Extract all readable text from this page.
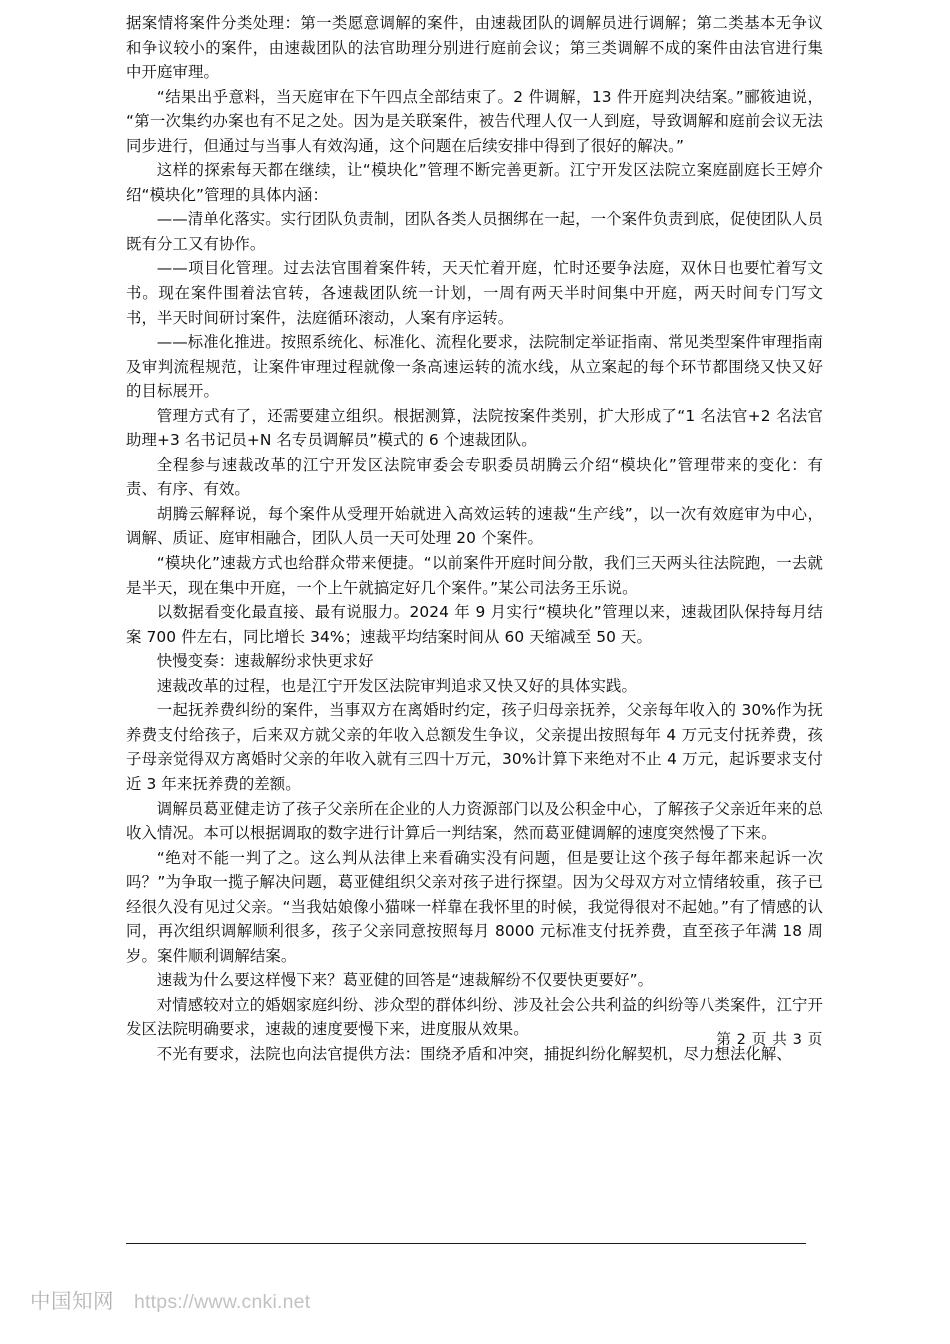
据案情将案件分类处理：第一类愿意调解的案件，由速裁团队的调解员进行调解；第二类基本无争议和争议较小的案件，由速裁团队的法官助理分别进行庭前会议；第三类调解不成的案件由法官进行集中开庭审理。

“结果出乎意料，当天庭审在下午四点全部结束了。2 件调解，13 件开庭判决结案。”郦筱迪说，“第一次集约办案也有不足之处。因为是关联案件，被告代理人仅一人到庭，导致调解和庭前会议无法同步进行，但通过与当事人有效沟通，这个问题在后续安排中得到了很好的解决。”

这样的探索每天都在继续，让“模块化”管理不断完善更新。江宁开发区法院立案庭副庭长王婷介绍“模块化”管理的具体内涵：

——清单化落实。实行团队负责制，团队各类人员捆绑在一起，一个案件负责到底，促使团队人员既有分工又有协作。

——项目化管理。过去法官围着案件转，天天忙着开庭，忙时还要争法庭，双休日也要忙着写文书。现在案件围着法官转，各速裁团队统一计划，一周有两天半时间集中开庭，两天时间专门写文书，半天时间研讨案件，法庭循环滚动，人案有序运转。

——标准化推进。按照系统化、标准化、流程化要求，法院制定举证指南、常见类型案件审理指南及审判流程规范，让案件审理过程就像一条高速运转的流水线，从立案起的每个环节都围绕又快又好的目标展开。

管理方式有了，还需要建立组织。根据测算，法院按案件类别，扩大形成了“1 名法官+2 名法官助理+3 名书记员+N 名专员调解员”模式的 6 个速裁团队。

全程参与速裁改革的江宁开发区法院审委会专职委员胡腾云介绍“模块化”管理带来的变化：有责、有序、有效。

胡腾云解释说，每个案件从受理开始就进入高效运转的速裁“生产线”，以一次有效庭审为中心，调解、质证、庭审相融合，团队人员一天可处理 20 个案件。

“模块化”速裁方式也给群众带来便捷。“以前案件开庭时间分散，我们三天两头往法院跑，一去就是半天，现在集中开庭，一个上午就搞定好几个案件。”某公司法务王乐说。

以数据看变化最直接、最有说服力。2024 年 9 月实行“模块化”管理以来，速裁团队保持每月结案 700 件左右，同比增长 34%；速裁平均结案时间从 60 天缩减至 50 天。

快慢变奏：速裁解纷求快更求好

速裁改革的过程，也是江宁开发区法院审判追求又快又好的具体实践。

一起抚养费纠纷的案件，当事双方在离婚时约定，孩子归母亲抚养，父亲每年收入的 30%作为抚养费支付给孩子，后来双方就父亲的年收入总额发生争议，父亲提出按照每年 4 万元支付抚养费，孩子母亲觉得双方离婚时父亲的年收入就有三四十万元，30%计算下来绝对不止 4 万元，起诉要求支付近 3 年来抚养费的差额。

调解员葛亚健走访了孩子父亲所在企业的人力资源部门以及公积金中心，了解孩子父亲近年来的总收入情况。本可以根据调取的数字进行计算后一判结案，然而葛亚健调解的速度突然慢了下来。

“绝对不能一判了之。这么判从法律上来看确实没有问题，但是要让这个孩子每年都来起诉一次吗？”为争取一揽子解决问题，葛亚健组织父亲对孩子进行探望。因为父母双方对立情绪较重，孩子已经很久没有见过父亲。“当我姑娘像小猫咪一样靠在我怀里的时候，我觉得很对不起她。”有了情感的认同，再次组织调解顺利很多，孩子父亲同意按照每月 8000 元标准支付抚养费，直至孩子年满 18 周岁。案件顺利调解结案。

速裁为什么要这样慢下来？葛亚健的回答是“速裁解纷不仅要快更要好”。

对情感较对立的婚姻家庭纠纷、涉众型的群体纠纷、涉及社会公共利益的纠纷等八类案件，江宁开发区法院明确要求，速裁的速度要慢下来，进度服从效果。

不光有要求，法院也向法官提供方法：围绕矛盾和冲突，捕捉纠纷化解契机，尽力想法化解、

第 2 页 共 3 页
中国知网 https://www.cnki.net
